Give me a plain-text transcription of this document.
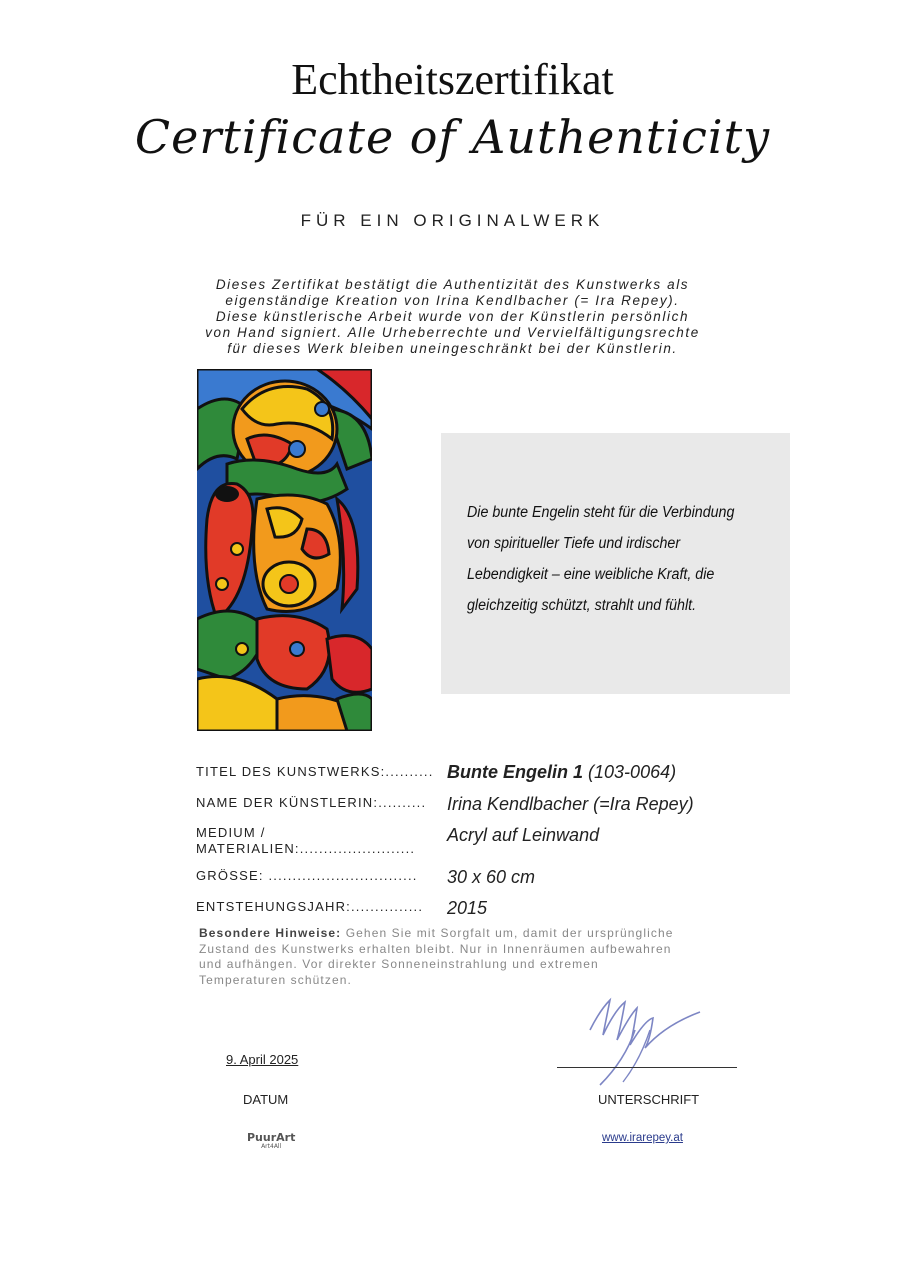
Echtheitszertifikat
Certificate of Authenticity
FÜR EIN ORIGINALWERK
Dieses Zertifikat bestätigt die Authentizität des Kunstwerks als
eigenständige Kreation von Irina Kendlbacher (= Ira Repey).
Diese künstlerische Arbeit wurde von der Künstlerin persönlich
von Hand signiert. Alle Urheberrechte und Vervielfältigungsrechte
für dieses Werk bleiben uneingeschränkt bei der Künstlerin.
Die bunte Engelin steht für die Verbindung
von spiritueller Tiefe und irdischer
Lebendigkeit – eine weibliche Kraft, die
gleichzeitig schützt, strahlt und fühlt.
TITEL DES KUNSTWERKS:.......... Bunte Engelin 1 (103-0064)
NAME DER KÜNSTLERIN:..........	Irina Kendlbacher (=Ira Repey)
MEDIUM /
MATERIALIEN:........................
Acryl auf Leinwand
GRÖSSE: ...............................	30 x 60 cm
ENTSTEHUNGSJAHR:...............	2015
Besondere Hinweise: Gehen Sie mit Sorgfalt um, damit der ursprüngliche
Zustand des Kunstwerks erhalten bleibt. Nur in Innenräumen aufbewahren
und aufhängen. Vor direkter Sonneneinstrahlung und extremen
Temperaturen schützen.
9. April 2025
DATUM	UNTERSCHRIFT
PuurArt
Art4All
www.irarepey.at
